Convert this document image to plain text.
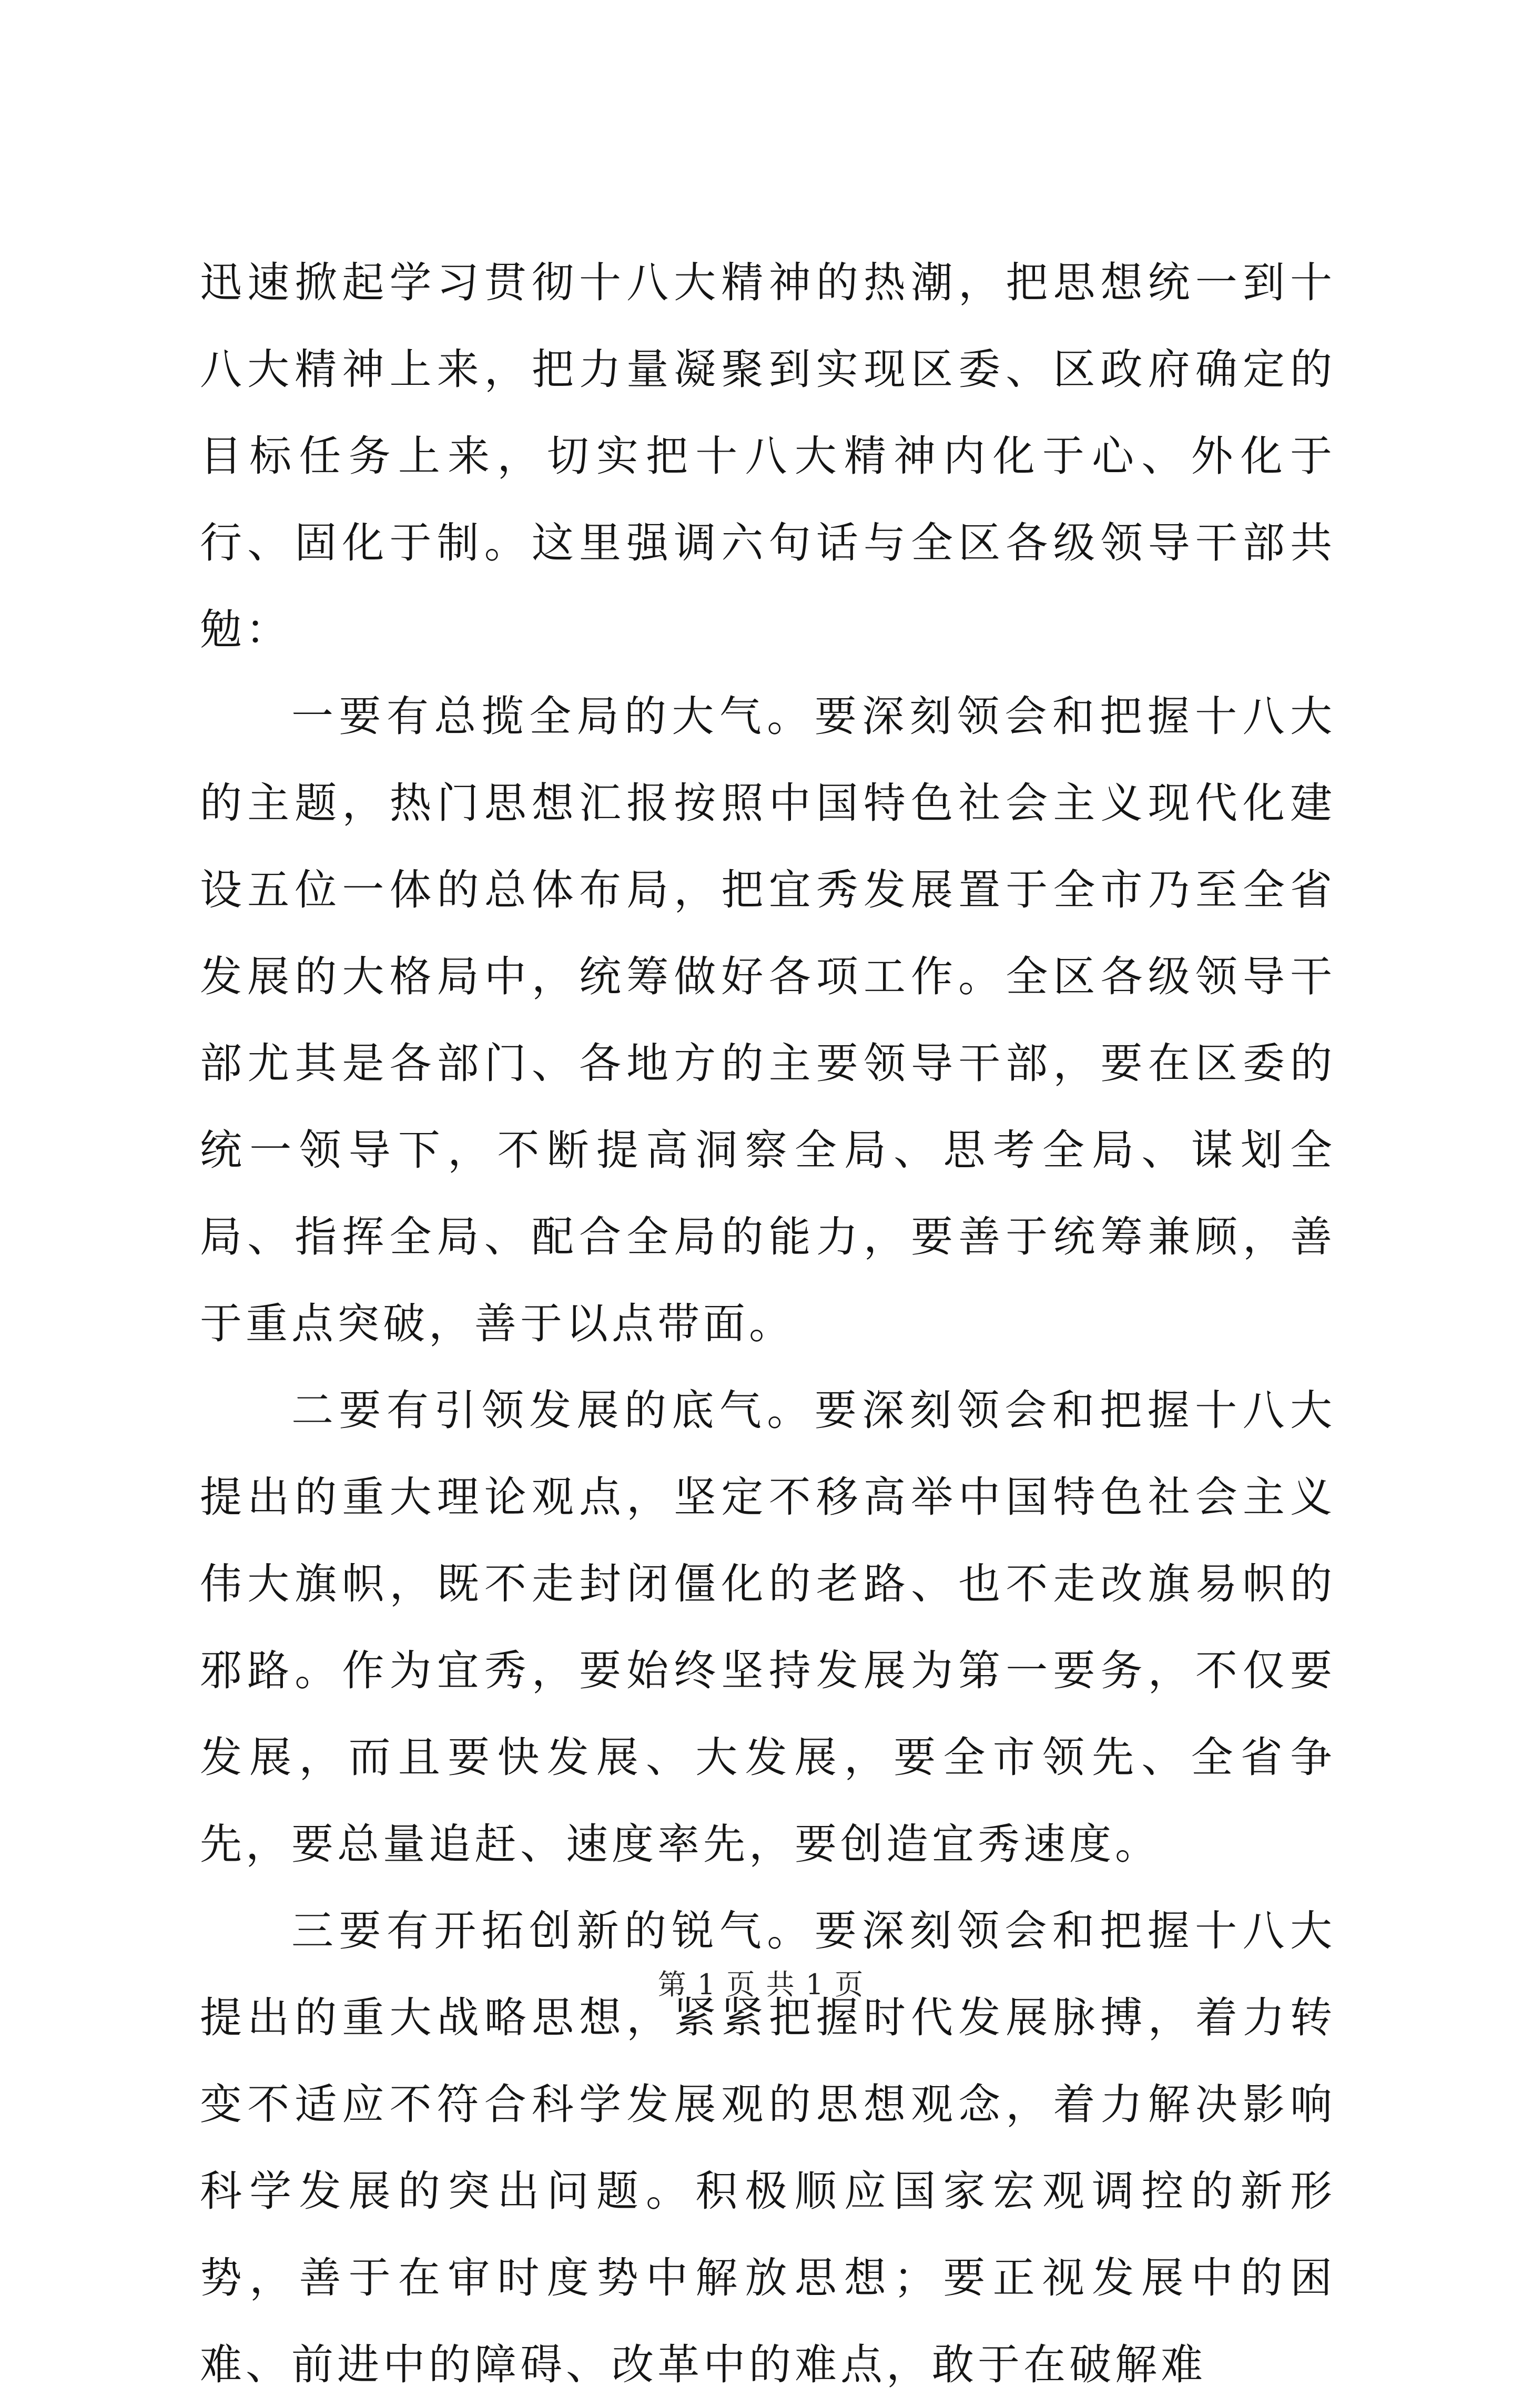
迅速掀起学习贯彻十八大精神的热潮，把思想统一到十八大精神上来，把力量凝聚到实现区委、区政府确定的目标任务上来，切实把十八大精神内化于心、外化于行、固化于制。这里强调六句话与全区各级领导干部共勉：

一要有总揽全局的大气。要深刻领会和把握十八大的主题，热门思想汇报按照中国特色社会主义现代化建设五位一体的总体布局，把宜秀发展置于全市乃至全省发展的大格局中，统筹做好各项工作。全区各级领导干部尤其是各部门、各地方的主要领导干部，要在区委的统一领导下，不断提高洞察全局、思考全局、谋划全局、指挥全局、配合全局的能力，要善于统筹兼顾，善于重点突破，善于以点带面。

二要有引领发展的底气。要深刻领会和把握十八大提出的重大理论观点，坚定不移高举中国特色社会主义伟大旗帜，既不走封闭僵化的老路、也不走改旗易帜的邪路。作为宜秀，要始终坚持发展为第一要务，不仅要发展，而且要快发展、大发展，要全市领先、全省争先，要总量追赶、速度率先，要创造宜秀速度。

三要有开拓创新的锐气。要深刻领会和把握十八大提出的重大战略思想，紧紧把握时代发展脉搏，着力转变不适应不符合科学发展观的思想观念，着力解决影响科学发展的突出问题。积极顺应国家宏观调控的新形势，善于在审时度势中解放思想；要正视发展中的困难、前进中的障碍、改革中的难点，敢于在破解难

第 1 页 共 1 页
